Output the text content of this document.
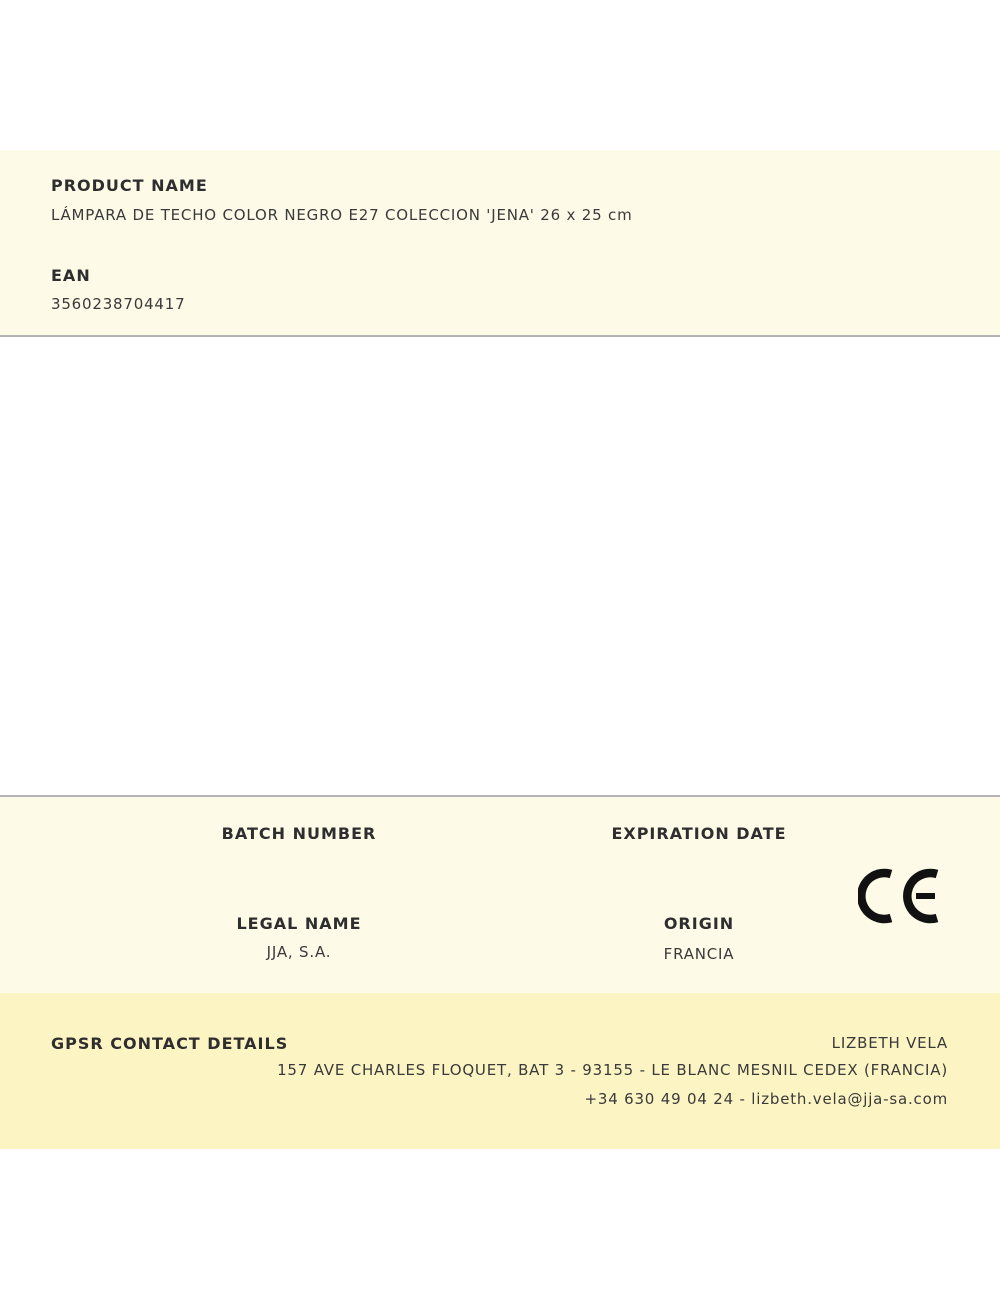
PRODUCT NAME
LÁMPARA DE TECHO COLOR NEGRO E27 COLECCION 'JENA' 26 x 25 cm
EAN
3560238704417
BATCH NUMBER	EXPIRATION DATE
LEGAL NAME
JJA, S.A.
ORIGIN
FRANCIA
GPSR CONTACT DETAILS	LIZBETH VELA
157 AVE CHARLES FLOQUET, BAT 3 - 93155 - LE BLANC MESNIL CEDEX (FRANCIA)
+34 630 49 04 24 - lizbeth.vela@jja-sa.com
